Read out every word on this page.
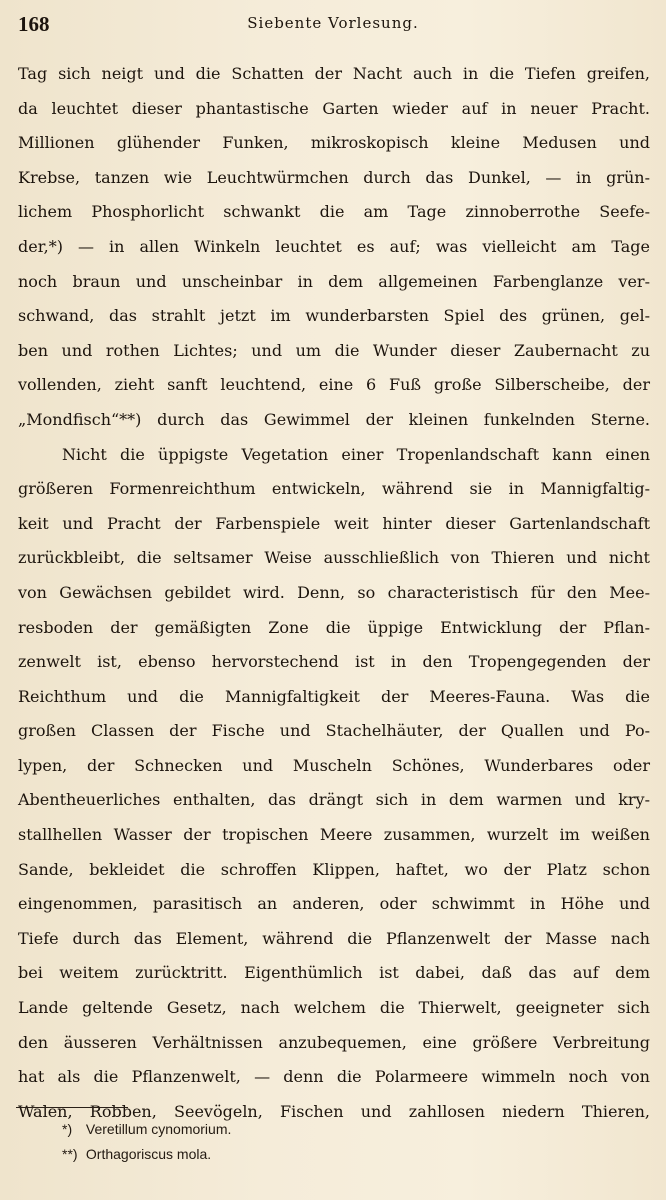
168	Siebente Vorlesung.
Tag sich neigt und die Schatten der Nacht auch in die Tiefen greifen,
da leuchtet dieser phantastische Garten wieder auf in neuer Pracht.
Millionen glühender Funken, mikroskopisch kleine Medusen und
Krebse, tanzen wie Leuchtwürmchen durch das Dunkel, — in grün-
lichem Phosphorlicht schwankt die am Tage zinnoberrothe Seefe-
der,*) — in allen Winkeln leuchtet es auf; was vielleicht am Tage
noch braun und unscheinbar in dem allgemeinen Farbenglanze ver-
schwand, das strahlt jetzt im wunderbarsten Spiel des grünen, gel-
ben und rothen Lichtes; und um die Wunder dieser Zaubernacht zu
vollenden, zieht sanft leuchtend, eine 6 Fuß große Silberscheibe, der
„Mondfisch“**) durch das Gewimmel der kleinen funkelnden Sterne.
Nicht die üppigste Vegetation einer Tropenlandschaft kann einen
größeren Formenreichthum entwickeln, während sie in Mannigfaltig-
keit und Pracht der Farbenspiele weit hinter dieser Gartenlandschaft
zurückbleibt, die seltsamer Weise ausschließlich von Thieren und nicht
von Gewächsen gebildet wird. Denn, so characteristisch für den Mee-
resboden der gemäßigten Zone die üppige Entwicklung der Pflan-
zenwelt ist, ebenso hervorstechend ist in den Tropengegenden der
Reichthum und die Mannigfaltigkeit der Meeres-Fauna. Was die
großen Classen der Fische und Stachelhäuter, der Quallen und Po-
lypen, der Schnecken und Muscheln Schönes, Wunderbares oder
Abentheuerliches enthalten, das drängt sich in dem warmen und kry-
stallhellen Wasser der tropischen Meere zusammen, wurzelt im weißen
Sande, bekleidet die schroffen Klippen, haftet, wo der Platz schon
eingenommen, parasitisch an anderen, oder schwimmt in Höhe und
Tiefe durch das Element, während die Pflanzenwelt der Masse nach
bei weitem zurücktritt. Eigenthümlich ist dabei, daß das auf dem
Lande geltende Gesetz, nach welchem die Thierwelt, geeigneter sich
den äusseren Verhältnissen anzubequemen, eine größere Verbreitung
hat als die Pflanzenwelt, — denn die Polarmeere wimmeln noch von
Walen, Robben, Seevögeln, Fischen und zahllosen niedern Thieren,
*) Veretillum cynomorium.
**) Orthagoriscus mola.
